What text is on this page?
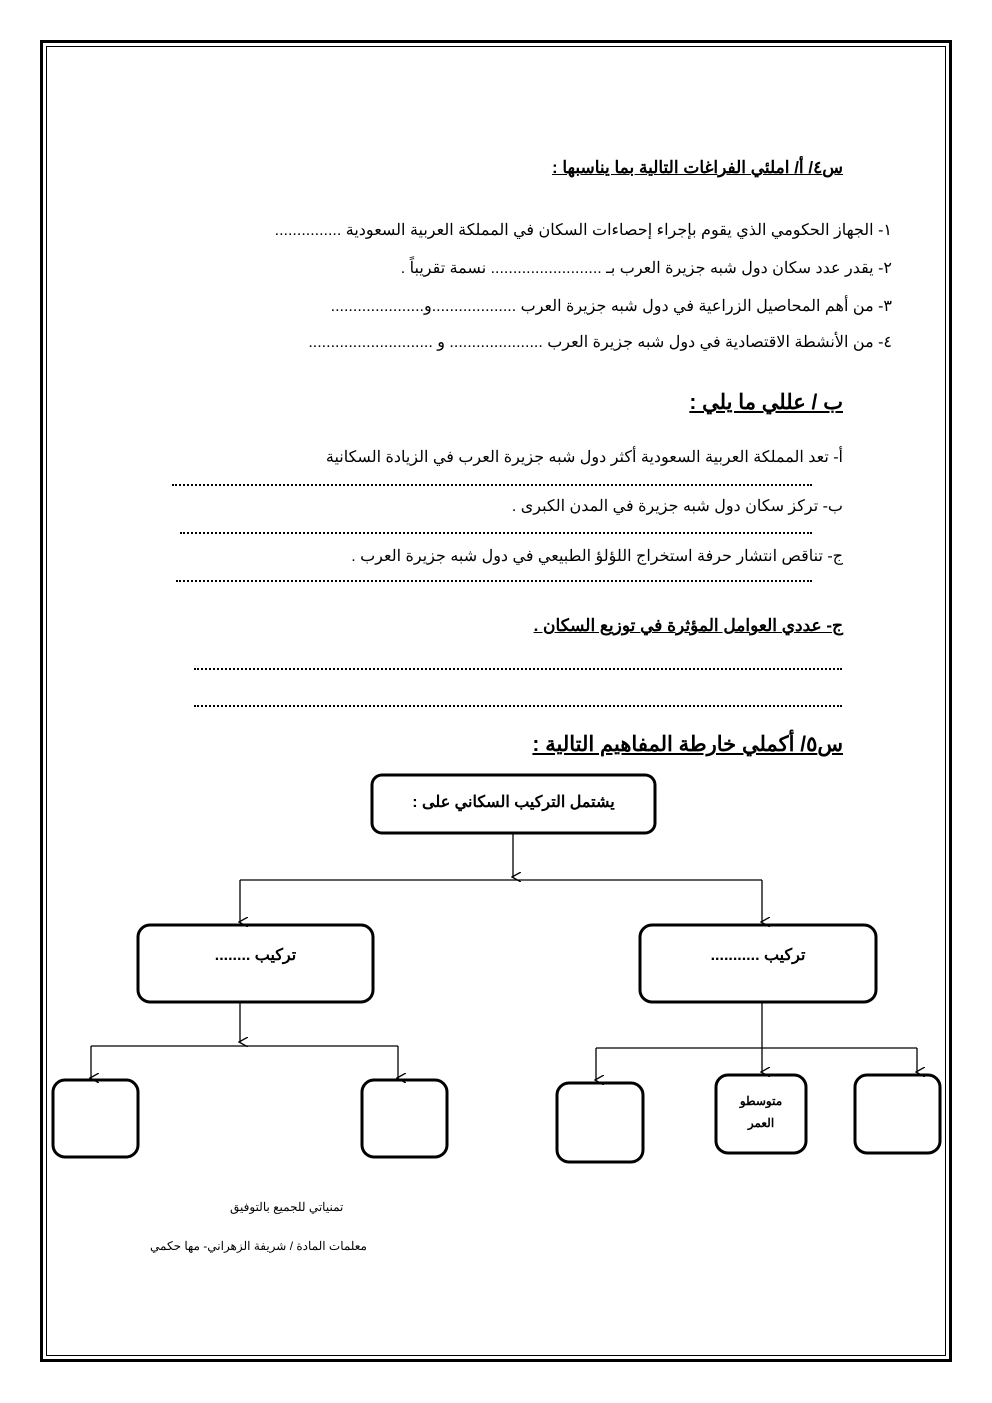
س٤/ أ/ املئي الفراغات التالية بما يناسبها :
١- الجهاز الحكومي الذي يقوم بإجراء إحصاءات السكان في المملكة العربية السعودية ...............
٢- يقدر عدد سكان دول شبه جزيرة العرب بـ ......................... نسمة تقريباً .
٣- من أهم المحاصيل الزراعية في دول شبه جزيرة العرب ...................و.....................
٤- من الأنشطة الاقتصادية في دول شبه جزيرة العرب ..................... و ............................
ب / عللي ما يلي :
أ- تعد المملكة العربية السعودية أكثر دول شبه جزيرة العرب في الزيادة السكانية
ب- تركز سكان دول شبه جزيرة في المدن الكبرى .
ج- تناقص انتشار حرفة استخراج اللؤلؤ الطبيعي في دول شبه جزيرة العرب .
ج- عددي العوامل المؤثرة في توزيع السكان .
س٥/ أكملي خارطة المفاهيم التالية :
يشتمل التركيب السكاني على :
تركيب ........	تركيب ...........
متوسطو العمر
تمنياتي للجميع بالتوفيق
معلمات المادة / شريفة الزهراني- مها حكمي
